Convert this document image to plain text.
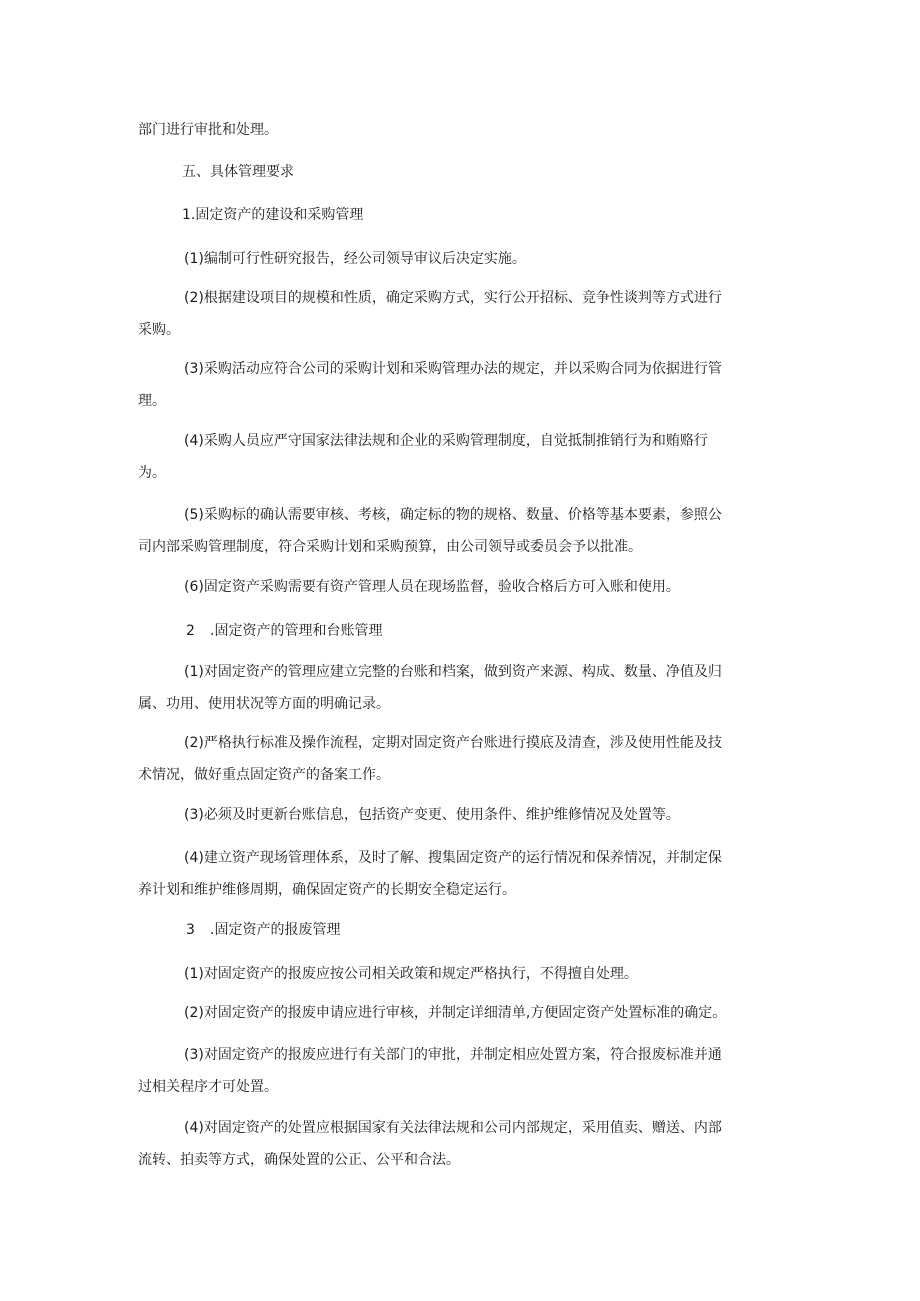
部门进行审批和处理。

五、具体管理要求

1.固定资产的建设和采购管理

(1)编制可行性研究报告，经公司领导审议后决定实施。

(2)根据建设项目的规模和性质，确定采购方式，实行公开招标、竞争性谈判等方式进行
采购。

(3)采购活动应符合公司的采购计划和采购管理办法的规定，并以采购合同为依据进行管
理。

(4)采购人员应严守国家法律法规和企业的采购管理制度，自觉抵制推销行为和贿赂行
为。

(5)采购标的确认需要审核、考核，确定标的物的规格、数量、价格等基本要素，参照公
司内部采购管理制度，符合采购计划和采购预算，由公司领导或委员会予以批准。

(6)固定资产采购需要有资产管理人员在现场监督，验收合格后方可入账和使用。

2 .固定资产的管理和台账管理

(1)对固定资产的管理应建立完整的台账和档案，做到资产来源、构成、数量、净值及归
属、功用、使用状况等方面的明确记录。

(2)严格执行标准及操作流程，定期对固定资产台账进行摸底及清查，涉及使用性能及技
术情况，做好重点固定资产的备案工作。

(3)必须及时更新台账信息，包括资产变更、使用条件、维护维修情况及处置等。

(4)建立资产现场管理体系，及时了解、搜集固定资产的运行情况和保养情况，并制定保
养计划和维护维修周期，确保固定资产的长期安全稳定运行。

3 .固定资产的报废管理

(1)对固定资产的报废应按公司相关政策和规定严格执行，不得擅自处理。

(2)对固定资产的报废申请应进行审核，并制定详细清单,方便固定资产处置标准的确定。

(3)对固定资产的报废应进行有关部门的审批，并制定相应处置方案，符合报废标准并通
过相关程序才可处置。

(4)对固定资产的处置应根据国家有关法律法规和公司内部规定，采用值卖、赠送、内部
流转、拍卖等方式，确保处置的公正、公平和合法。
